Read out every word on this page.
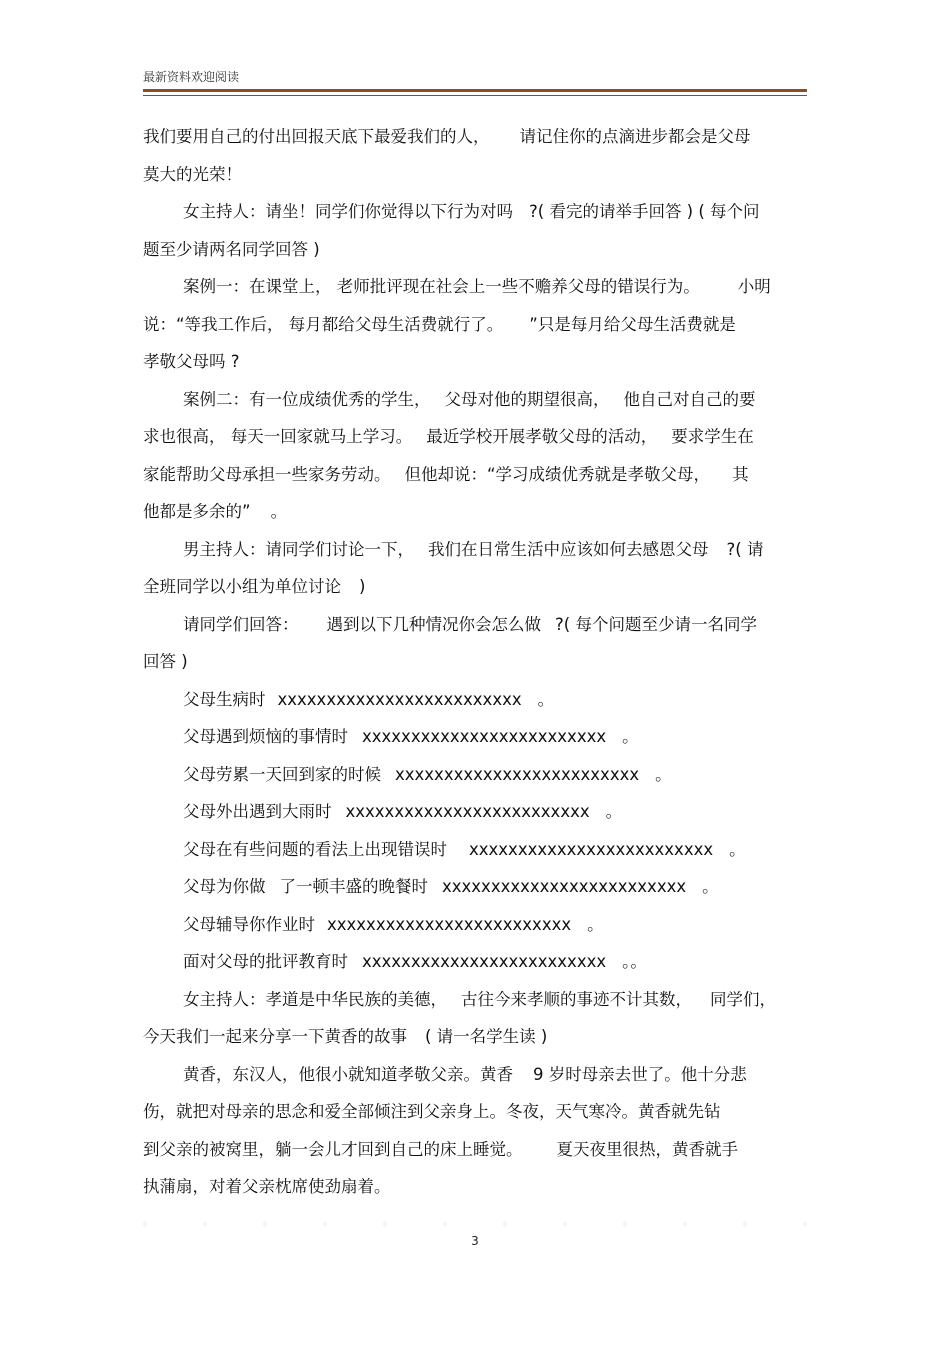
最新资料欢迎阅读

我们要用自己的付出回报天底下最爱我们的人， 请记住你的点滴进步都会是父母

莫大的光荣！

女主持人：请坐！同学们你觉得以下行为对吗 ?( 看完的请举手回答 ) ( 每个问

题至少请两名同学回答 )

案例一：在课堂上， 老师批评现在社会上一些不赡养父母的错误行为。 小明

说：“等我工作后， 每月都给父母生活费就行了。 ”只是每月给父母生活费就是

孝敬父母吗 ?

案例二：有一位成绩优秀的学生， 父母对他的期望很高， 他自己对自己的要

求也很高， 每天一回家就马上学习。 最近学校开展孝敬父母的活动， 要求学生在

家能帮助父母承担一些家务劳动。 但他却说：“学习成绩优秀就是孝敬父母， 其

他都是多余的” 。

男主持人：请同学们讨论一下， 我们在日常生活中应该如何去感恩父母 ?( 请

全班同学以小组为单位讨论 )

请同学们回答： 遇到以下几种情况你会怎么做 ?( 每个问题至少请一名同学

回答 )

父母生病时 xxxxxxxxxxxxxxxxxxxxxxxxx 。

父母遇到烦恼的事情时 xxxxxxxxxxxxxxxxxxxxxxxxx 。

父母劳累一天回到家的时候 xxxxxxxxxxxxxxxxxxxxxxxxx 。

父母外出遇到大雨时 xxxxxxxxxxxxxxxxxxxxxxxxx 。

父母在有些问题的看法上出现错误时 xxxxxxxxxxxxxxxxxxxxxxxxx 。

父母为你做 了一顿丰盛的晚餐时 xxxxxxxxxxxxxxxxxxxxxxxxx 。

父母辅导你作业时 xxxxxxxxxxxxxxxxxxxxxxxxx 。

面对父母的批评教育时 xxxxxxxxxxxxxxxxxxxxxxxxx 。。

女主持人：孝道是中华民族的美德， 古往今来孝顺的事迹不计其数， 同学们，

今天我们一起来分享一下黄香的故事 ( 请一名学生读 )

黄香，东汉人，他很小就知道孝敬父亲。黄香 9 岁时母亲去世了。他十分悲

伤，就把对母亲的思念和爱全部倾注到父亲身上。冬夜，天气寒冷。黄香就先钻

到父亲的被窝里，躺一会儿才回到自己的床上睡觉。 夏天夜里很热，黄香就手

执蒲扇，对着父亲枕席使劲扇着。

3
